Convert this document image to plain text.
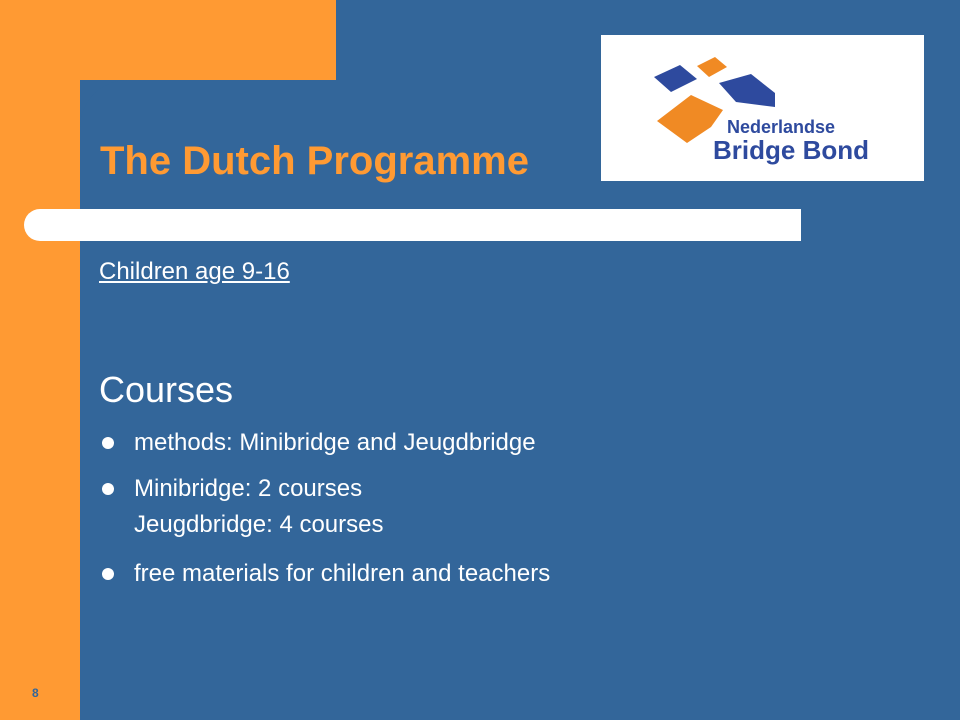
The Dutch Programme
Nederlandse
Bridge Bond
Children age 9-16
Courses
methods: Minibridge and Jeugdbridge
Minibridge: 2 courses
Jeugdbridge: 4 courses
free materials for children and teachers
8
